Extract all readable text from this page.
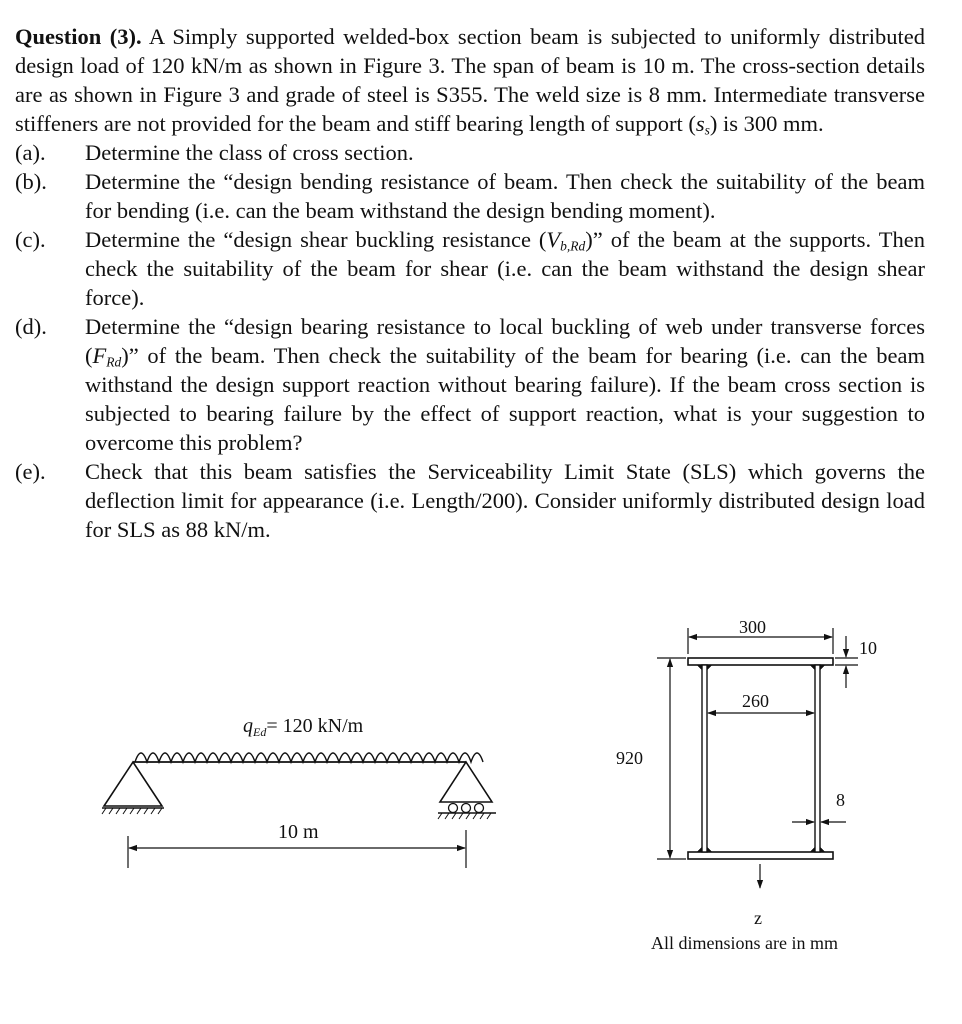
Question (3). A Simply supported welded-box section beam is subjected to uniformly distributed design load of 120 kN/m as shown in Figure 3. The span of beam is 10 m. The cross-section details are as shown in Figure 3 and grade of steel is S355. The weld size is 8 mm. Intermediate transverse stiffeners are not provided for the beam and stiff bearing length of support $(s_s)$ is 300 mm.

(a).	Determine the class of cross section.
(b).	Determine the “design bending resistance of beam. Then check the suitability of the beam for bending (i.e. can the beam withstand the design bending moment).
(c).	Determine the “design shear buckling resistance $(V_{b,Rd})$” of the beam at the supports. Then check the suitability of the beam for shear (i.e. can the beam withstand the design shear force).
(d).	Determine the “design bearing resistance to local buckling of web under transverse forces $(F_{Rd})$” of the beam. Then check the suitability of the beam for bearing (i.e. can the beam withstand the design support reaction without bearing failure). If the beam cross section is subjected to bearing failure by the effect of support reaction, what is your suggestion to overcome this problem?
(e).	Check that this beam satisfies the Serviceability Limit State (SLS) which governs the deflection limit for appearance (i.e. Length/200). Consider uniformly distributed design load for SLS as 88 kN/m.
$q_{Ed}= 120$ kN/m
10 m
300
260
920
10
8
z
All dimensions are in mm
